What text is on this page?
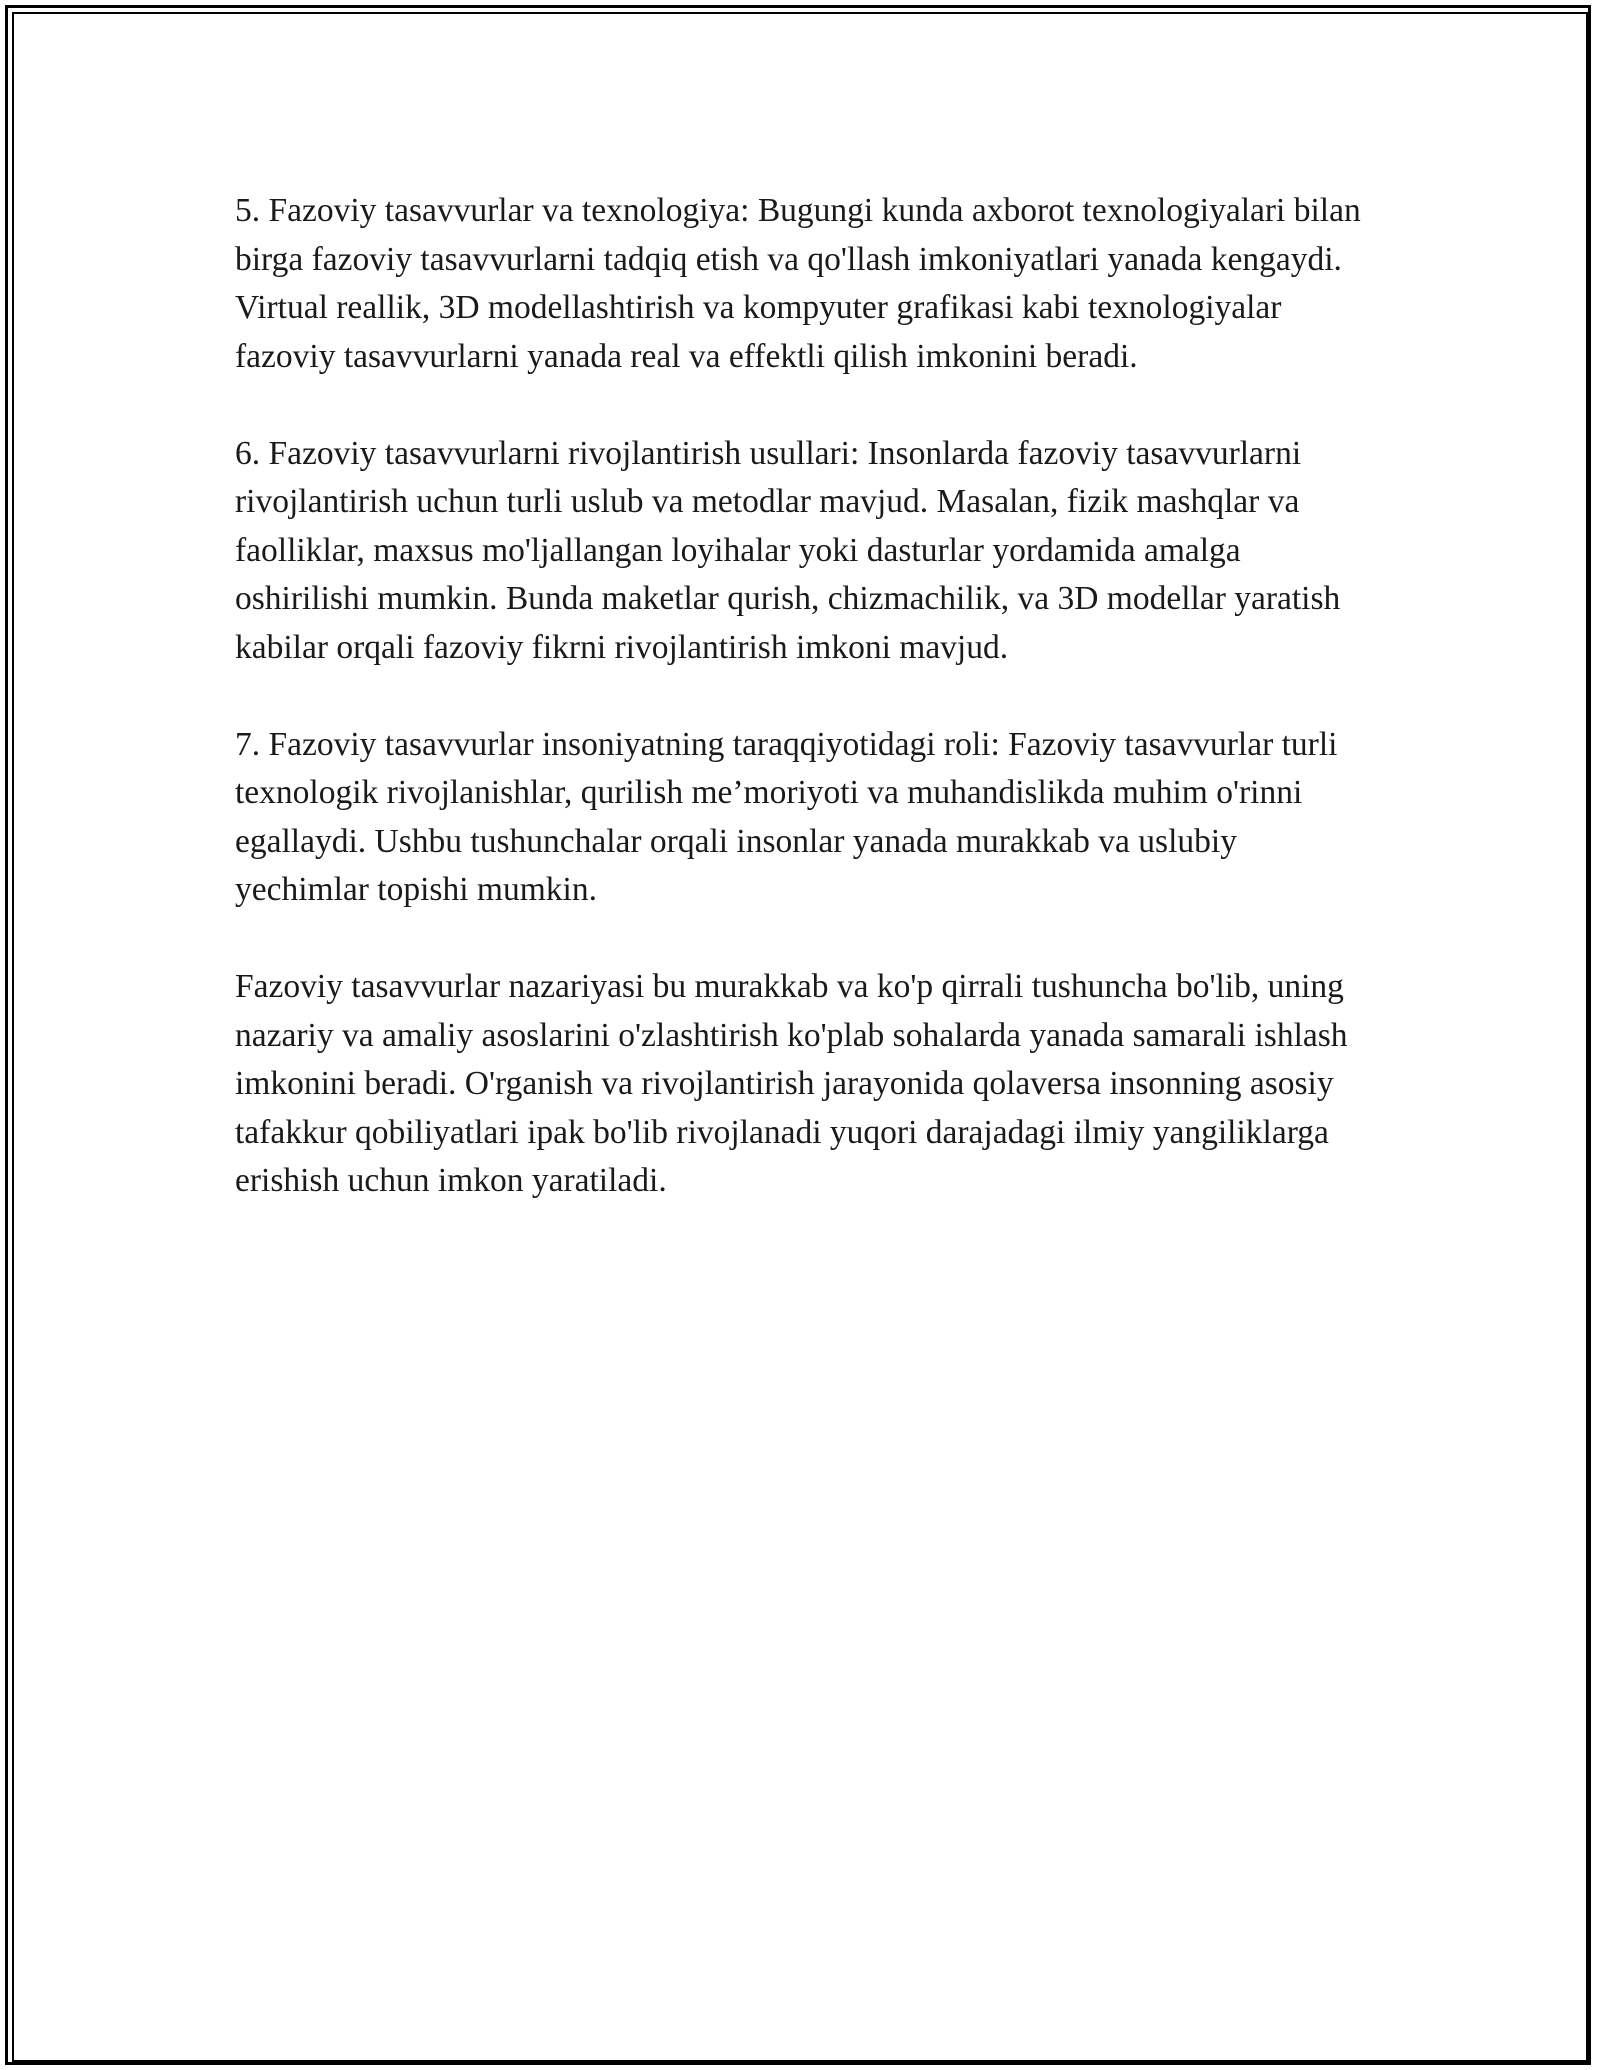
5. Fazoviy tasavvurlar va texnologiya: Bugungi kunda axborot texnologiyalari bilan birga fazoviy tasavvurlarni tadqiq etish va qo'llash imkoniyatlari yanada kengaydi. Virtual reallik, 3D modellashtirish va kompyuter grafikasi kabi texnologiyalar fazoviy tasavvurlarni yanada real va effektli qilish imkonini beradi.

6. Fazoviy tasavvurlarni rivojlantirish usullari: Insonlarda fazoviy tasavvurlarni rivojlantirish uchun turli uslub va metodlar mavjud. Masalan, fizik mashqlar va faolliklar, maxsus mo'ljallangan loyihalar yoki dasturlar yordamida amalga oshirilishi mumkin. Bunda maketlar qurish, chizmachilik, va 3D modellar yaratish kabilar orqali fazoviy fikrni rivojlantirish imkoni mavjud.

7. Fazoviy tasavvurlar insoniyatning taraqqiyotidagi roli: Fazoviy tasavvurlar turli texnologik rivojlanishlar, qurilish me’moriyoti va muhandislikda muhim o'rinni egallaydi. Ushbu tushunchalar orqali insonlar yanada murakkab va uslubiy yechimlar topishi mumkin.

Fazoviy tasavvurlar nazariyasi bu murakkab va ko'p qirrali tushuncha bo'lib, uning nazariy va amaliy asoslarini o'zlashtirish ko'plab sohalarda yanada samarali ishlash imkonini beradi. O'rganish va rivojlantirish jarayonida qolaversa insonning asosiy tafakkur qobiliyatlari ipak bo'lib rivojlanadi yuqori darajadagi ilmiy yangiliklarga erishish uchun imkon yaratiladi.
